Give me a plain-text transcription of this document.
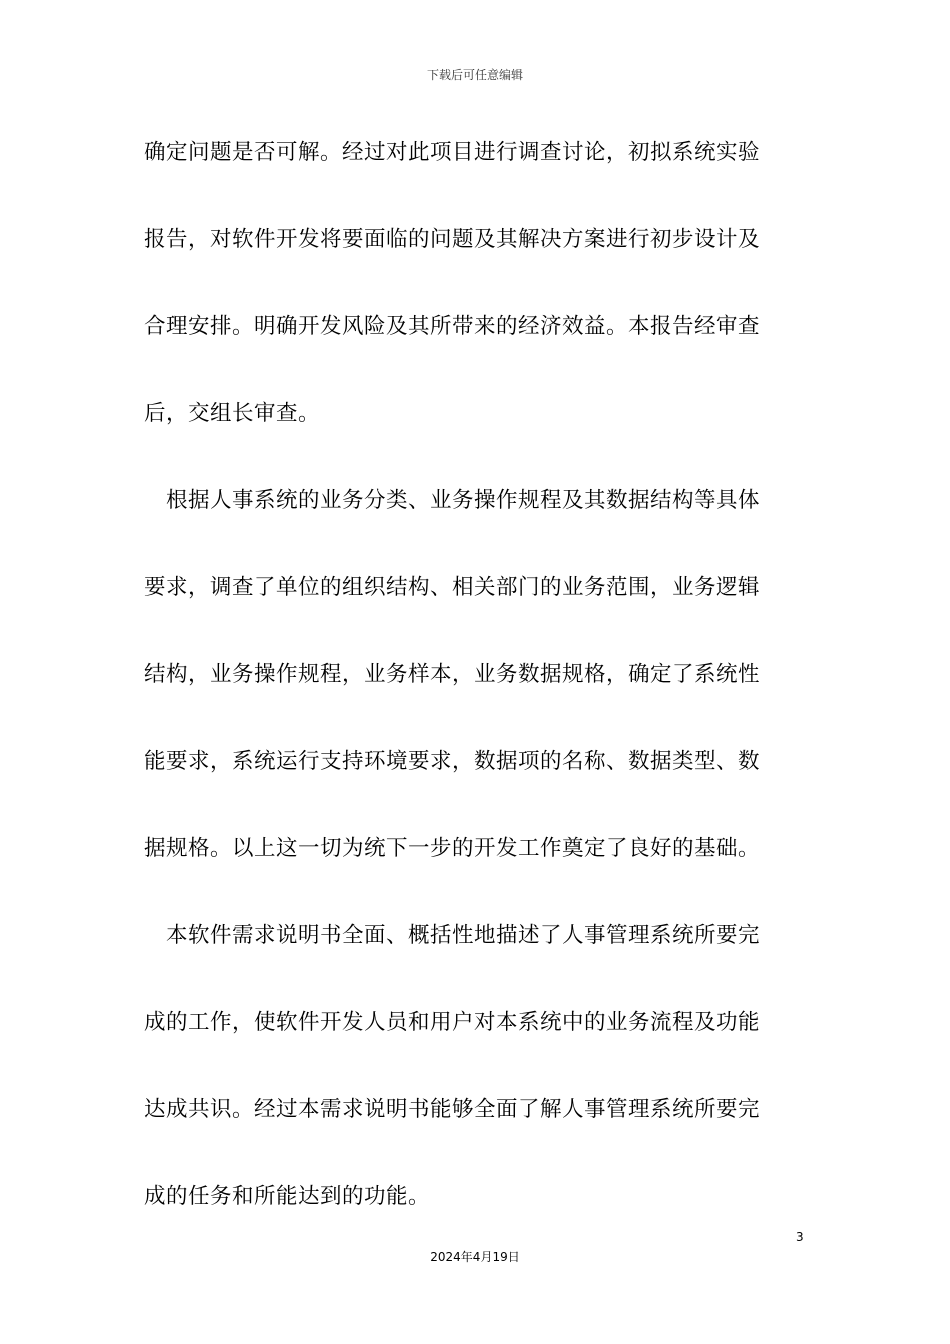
下载后可任意编辑
确定问题是否可解。经过对此项目进行调查讨论，初拟系统实验
报告，对软件开发将要面临的问题及其解决方案进行初步设计及
合理安排。明确开发风险及其所带来的经济效益。本报告经审查
后，交组长审查。
　根据人事系统的业务分类、业务操作规程及其数据结构等具体
要求，调查了单位的组织结构、相关部门的业务范围，业务逻辑
结构，业务操作规程，业务样本，业务数据规格，确定了系统性
能要求，系统运行支持环境要求，数据项的名称、数据类型、数
据规格。以上这一切为统下一步的开发工作奠定了良好的基础。
　本软件需求说明书全面、概括性地描述了人事管理系统所要完
成的工作，使软件开发人员和用户对本系统中的业务流程及功能
达成共识。经过本需求说明书能够全面了解人事管理系统所要完
成的任务和所能达到的功能。
3
2024年4月19日
